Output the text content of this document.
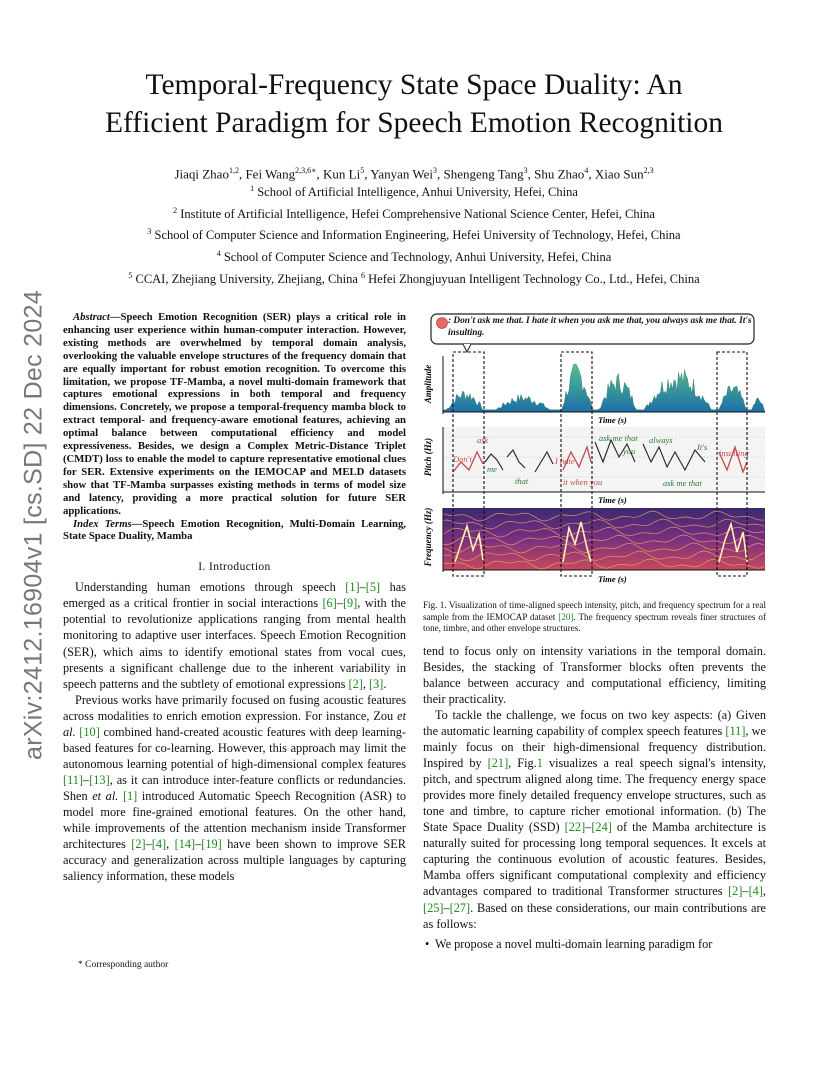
arXiv:2412.16904v1 [cs.SD] 22 Dec 2024
Temporal-Frequency State Space Duality: An
Efficient Paradigm for Speech Emotion Recognition
Jiaqi Zhao$^{1,2}$, Fei Wang$^{2,3,6∗}$, Kun Li$^5$, Yanyan Wei$^3$, Shengeng Tang$^3$, Shu Zhao$^4$, Xiao Sun$^{2,3}$
$^1$ School of Artificial Intelligence, Anhui University, Hefei, China
$^2$ Institute of Artificial Intelligence, Hefei Comprehensive National Science Center, Hefei, China
$^3$ School of Computer Science and Information Engineering, Hefei University of Technology, Hefei, China
$^4$ School of Computer Science and Technology, Anhui University, Hefei, China
$^5$ CCAI, Zhejiang University, Zhejiang, China $^6$ Hefei Zhongjuyuan Intelligent Technology Co., Ltd., Hefei, China

Abstract—Speech Emotion Recognition (SER) plays a critical role in enhancing user experience within human-computer interaction. However, existing methods are overwhelmed by temporal domain analysis, overlooking the valuable envelope structures of the frequency domain that are equally important for robust emotion recognition. To overcome this limitation, we propose TF-Mamba, a novel multi-domain framework that captures emotional expressions in both temporal and frequency dimensions. Concretely, we propose a temporal-frequency mamba block to extract temporal- and frequency-aware emotional features, achieving an optimal balance between computational efficiency and model expressiveness. Besides, we design a Complex Metric-Distance Triplet (CMDT) loss to enable the model to capture representative emotional clues for SER. Extensive experiments on the IEMOCAP and MELD datasets show that TF-Mamba surpasses existing methods in terms of model size and latency, providing a more practical solution for future SER applications.

Index Terms—Speech Emotion Recognition, Multi-Domain Learning, State Space Duality, Mamba

I. Introduction

Understanding human emotions through speech [1]–[5] has emerged as a critical frontier in social interactions [6]–[9], with the potential to revolutionize applications ranging from mental health monitoring to adaptive user interfaces. Speech Emotion Recognition (SER), which aims to identify emotional states from vocal cues, presents a significant challenge due to the inherent variability in speech patterns and the subtlety of emotional expressions [2], [3].

Previous works have primarily focused on fusing acoustic features across modalities to enrich emotion expression. For instance, Zou et al. [10] combined hand-created acoustic features with deep learning-based features for co-learning. However, this approach may limit the autonomous learning potential of high-dimensional complex features [11]–[13], as it can introduce inter-feature conflicts or redundancies. Shen et al. [1] introduced Automatic Speech Recognition (ASR) to model more fine-grained emotional features. On the other hand, while improvements of the attention mechanism inside Transformer architectures [2]–[4], [14]–[19] have been shown to improve SER accuracy and generalization across multiple languages by capturing saliency information, these models

* Corresponding author
: Don't ask me that. I hate it when you ask me that, you always ask me that. It's insulting.
Amplitude
Pitch (Hz)
Frequency (Hz)
Time (s)
Don't
ask
me
that
I hate
it when you
ask me that
you
always
ask me that
It's
insulting
Time (s)
Time (s)

Fig. 1. Visualization of time-aligned speech intensity, pitch, and frequency spectrum for a real sample from the IEMOCAP dataset [20]. The frequency spectrum reveals finer structures of tone, timbre, and other envelope structures.

tend to focus only on intensity variations in the temporal domain. Besides, the stacking of Transformer blocks often prevents the balance between accuracy and computational efficiency, limiting their practicality.

To tackle the challenge, we focus on two key aspects: (a) Given the automatic learning capability of complex speech features [11], we mainly focus on their high-dimensional frequency distribution. Inspired by [21], Fig.1 visualizes a real speech signal's intensity, pitch, and spectrum aligned along time. The frequency energy space provides more finely detailed frequency envelope structures, such as tone and timbre, to capture richer emotional information. (b) The State Space Duality (SSD) [22]–[24] of the Mamba architecture is naturally suited for processing long temporal sequences. It excels at capturing the continuous evolution of acoustic features. Besides, Mamba offers significant computational complexity and efficiency advantages compared to traditional Transformer structures [2]–[4], [25]–[27]. Based on these considerations, our main contributions are as follows:

• We propose a novel multi-domain learning paradigm for
